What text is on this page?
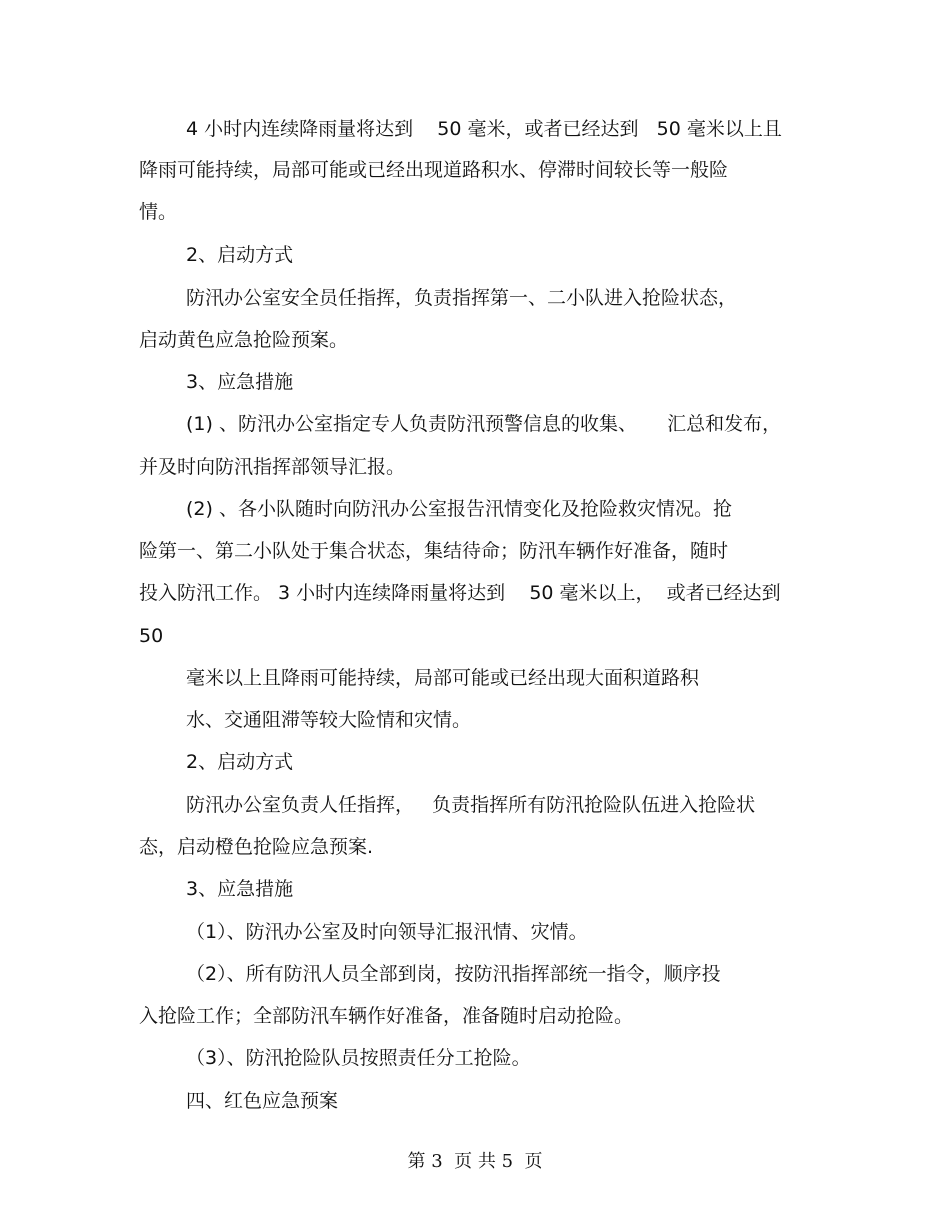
4 小时内连续降雨量将达到    50 毫米，或者已经达到   50 毫米以上且
降雨可能持续，局部可能或已经出现道路积水、停滞时间较长等一般险
情。
2、启动方式
防汛办公室安全员任指挥，负责指挥第一、二小队进入抢险状态，
启动黄色应急抢险预案。
3、应急措施
(1) 、防汛办公室指定专人负责防汛预警信息的收集、     汇总和发布，
并及时向防汛指挥部领导汇报。
(2) 、各小队随时向防汛办公室报告汛情变化及抢险救灾情况。抢
险第一、第二小队处于集合状态，集结待命；防汛车辆作好准备，随时
投入防汛工作。 3 小时内连续降雨量将达到    50 毫米以上，  或者已经达到
50
毫米以上且降雨可能持续，局部可能或已经出现大面积道路积
水、交通阻滞等较大险情和灾情。
2、启动方式
防汛办公室负责人任指挥，   负责指挥所有防汛抢险队伍进入抢险状
态，启动橙色抢险应急预案.
3、应急措施
（1）、防汛办公室及时向领导汇报汛情、灾情。
（2）、所有防汛人员全部到岗，按防汛指挥部统一指令，顺序投
入抢险工作；全部防汛车辆作好准备，准备随时启动抢险。
（3）、防汛抢险队员按照责任分工抢险。
四、红色应急预案
第 3  页 共 5  页
